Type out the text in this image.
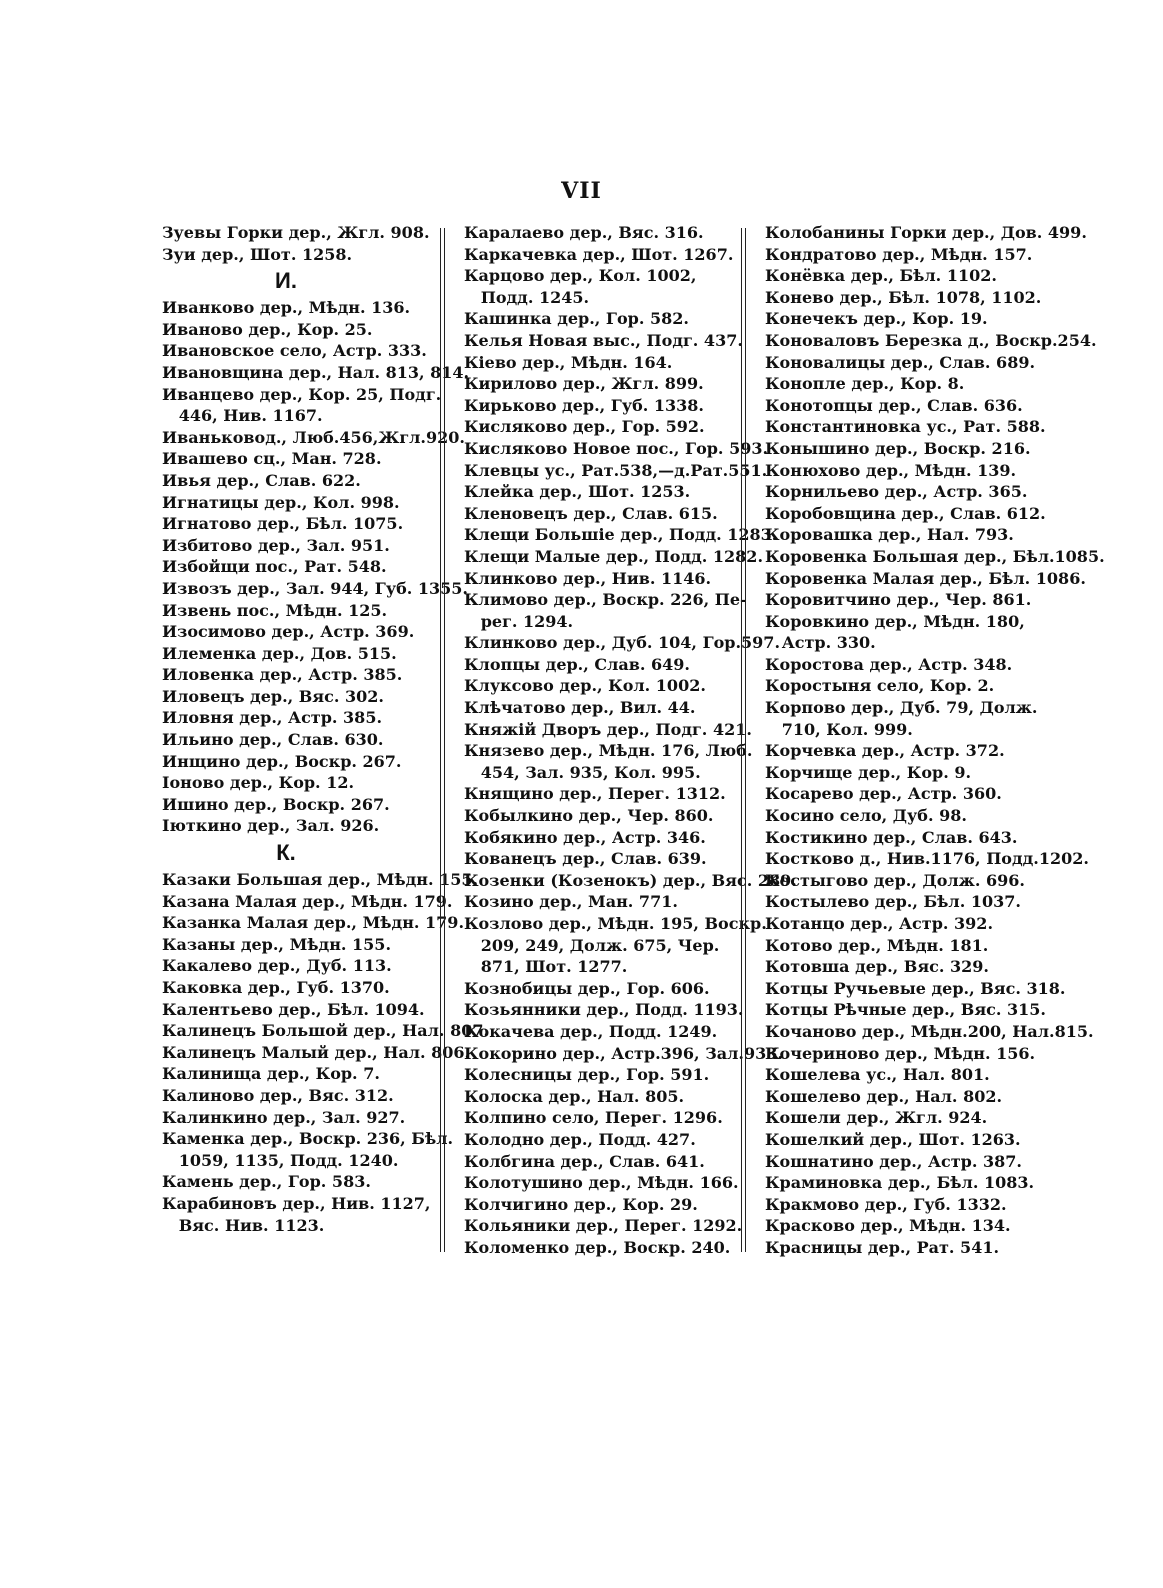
VII
Зуевы Горки дер., Жгл. 908.
Зуи дер., Шот. 1258.
И.
Иванково дер., Мѣдн. 136.
Иваново дер., Кор. 25.
Ивановское село, Астр. 333.
Ивановщина дер., Нал. 813, 814.
Иванцево дер., Кор. 25, Подг.
446, Нив. 1167.
Иваньковод., Люб.456,Жгл.920.
Ивашево сц., Ман. 728.
Ивья дер., Слав. 622.
Игнатицы дер., Кол. 998.
Игнатово дер., Бѣл. 1075.
Избитово дер., Зал. 951.
Избойщи пос., Рат. 548.
Извозъ дер., Зал. 944, Губ. 1355.
Извень пос., Мѣдн. 125.
Изосимово дер., Астр. 369.
Илеменка дер., Дов. 515.
Иловенка дер., Астр. 385.
Иловецъ дер., Вяс. 302.
Иловня дер., Астр. 385.
Ильино дер., Слав. 630.
Инщино дер., Воскр. 267.
Іоново дер., Кор. 12.
Ишино дер., Воскр. 267.
Іюткино дер., Зал. 926.
К.
Казаки Большая дер., Мѣдн. 155.
Казана Малая дер., Мѣдн. 179.
Казанка Малая дер., Мѣдн. 179.
Казаны дер., Мѣдн. 155.
Какалево дер., Дуб. 113.
Каковка дер., Губ. 1370.
Калентьево дер., Бѣл. 1094.
Калинецъ Большой дер., Нал. 807.
Калинецъ Малый дер., Нал. 806.
Калинища дер., Кор. 7.
Калиново дер., Вяс. 312.
Калинкино дер., Зал. 927.
Каменка дер., Воскр. 236, Бѣл.
1059, 1135, Подд. 1240.
Камень дер., Гор. 583.
Карабиновъ дер., Нив. 1127,
Вяс. Нив. 1123.
Каралаево дер., Вяс. 316.
Каркачевка дер., Шот. 1267.
Карцово дер., Кол. 1002,
Подд. 1245.
Кашинка дер., Гор. 582.
Келья Новая выс., Подг. 437.
Кіево дер., Мѣдн. 164.
Кирилово дер., Жгл. 899.
Кирьково дер., Губ. 1338.
Кисляково дер., Гор. 592.
Кисляково Новое пос., Гор. 593.
Клевцы ус., Рат.538,—д.Рат.551.
Клейка дер., Шот. 1253.
Кленовецъ дер., Слав. 615.
Клещи Большіе дер., Подд. 1283.
Клещи Малые дер., Подд. 1282.
Клинково дер., Нив. 1146.
Климово дер., Воскр. 226, Пе-
рег. 1294.
Клинково дер., Дуб. 104, Гор.597.
Клопцы дер., Слав. 649.
Клуксово дер., Кол. 1002.
Клѣчатово дер., Вил. 44.
Княжій Дворъ дер., Подг. 421.
Князево дер., Мѣдн. 176, Люб.
454, Зал. 935, Кол. 995.
Княщино дер., Перег. 1312.
Кобылкино дер., Чер. 860.
Кобякино дер., Астр. 346.
Кованецъ дер., Слав. 639.
Козенки (Козенокъ) дер., Вяс. 289.
Козино дер., Ман. 771.
Козлово дер., Мѣдн. 195, Воскр.
209, 249, Долж. 675, Чер.
871, Шот. 1277.
Кознобицы дер., Гор. 606.
Козьянники дер., Подд. 1193.
Кокачева дер., Подд. 1249.
Кокорино дер., Астр.396, Зал.933.
Колесницы дер., Гор. 591.
Колоска дер., Нал. 805.
Колпино село, Перег. 1296.
Колодно дер., Подд. 427.
Колбгина дер., Слав. 641.
Колотушино дер., Мѣдн. 166.
Колчигино дер., Кор. 29.
Кольяники дер., Перег. 1292.
Коломенко дер., Воскр. 240.
Колобанины Горки дер., Дов. 499.
Кондратово дер., Мѣдн. 157.
Конёвка дер., Бѣл. 1102.
Конево дер., Бѣл. 1078, 1102.
Конечекъ дер., Кор. 19.
Коноваловъ Березка д., Воскр.254.
Коновалицы дер., Слав. 689.
Конопле дер., Кор. 8.
Конотопцы дер., Слав. 636.
Константиновка ус., Рат. 588.
Конышино дер., Воскр. 216.
Конюхово дер., Мѣдн. 139.
Корнильево дер., Астр. 365.
Коробовщина дер., Слав. 612.
Коровашка дер., Нал. 793.
Коровенка Большая дер., Бѣл.1085.
Коровенка Малая дер., Бѣл. 1086.
Коровитчино дер., Чер. 861.
Коровкино дер., Мѣдн. 180,
Астр. 330.
Коростова дер., Астр. 348.
Коростыня село, Кор. 2.
Корпово дер., Дуб. 79, Долж.
710, Кол. 999.
Корчевка дер., Астр. 372.
Корчище дер., Кор. 9.
Косарево дер., Астр. 360.
Косино село, Дуб. 98.
Костикино дер., Слав. 643.
Костково д., Нив.1176, Подд.1202.
Костыгово дер., Долж. 696.
Костылево дер., Бѣл. 1037.
Котанцо дер., Астр. 392.
Котово дер., Мѣдн. 181.
Котовша дер., Вяс. 329.
Котцы Ручьевые дер., Вяс. 318.
Котцы Рѣчные дер., Вяс. 315.
Кочаново дер., Мѣдн.200, Нал.815.
Кочериново дер., Мѣдн. 156.
Кошелева ус., Нал. 801.
Кошелево дер., Нал. 802.
Кошели дер., Жгл. 924.
Кошелкий дер., Шот. 1263.
Кошнатино дер., Астр. 387.
Краминовка дер., Бѣл. 1083.
Кракмово дер., Губ. 1332.
Красково дер., Мѣдн. 134.
Красницы дер., Рат. 541.
